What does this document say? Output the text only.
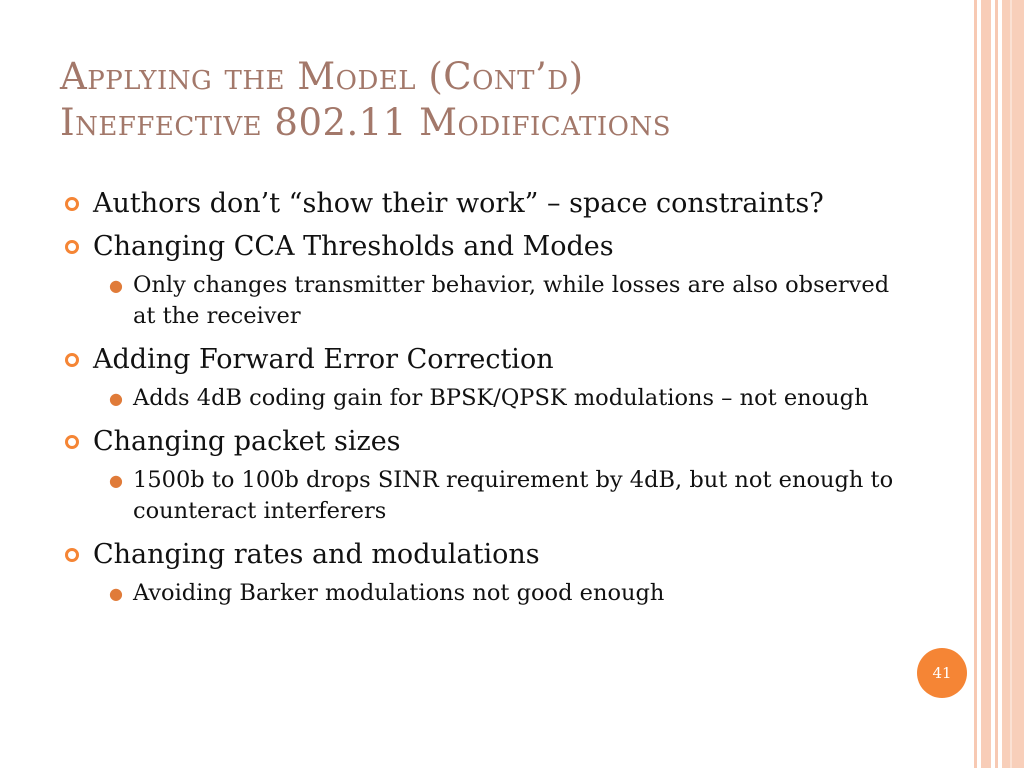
Applying the Model (Cont’d)
Ineffective 802.11 Modifications
Authors don’t “show their work” – space constraints?
Changing CCA Thresholds and Modes
● Only changes transmitter behavior, while losses are also observed at the receiver
Adding Forward Error Correction
● Adds 4dB coding gain for BPSK/QPSK modulations – not enough
Changing packet sizes
● 1500b to 100b drops SINR requirement by 4dB, but not enough to counteract interferers
Changing rates and modulations
● Avoiding Barker modulations not good enough
41
